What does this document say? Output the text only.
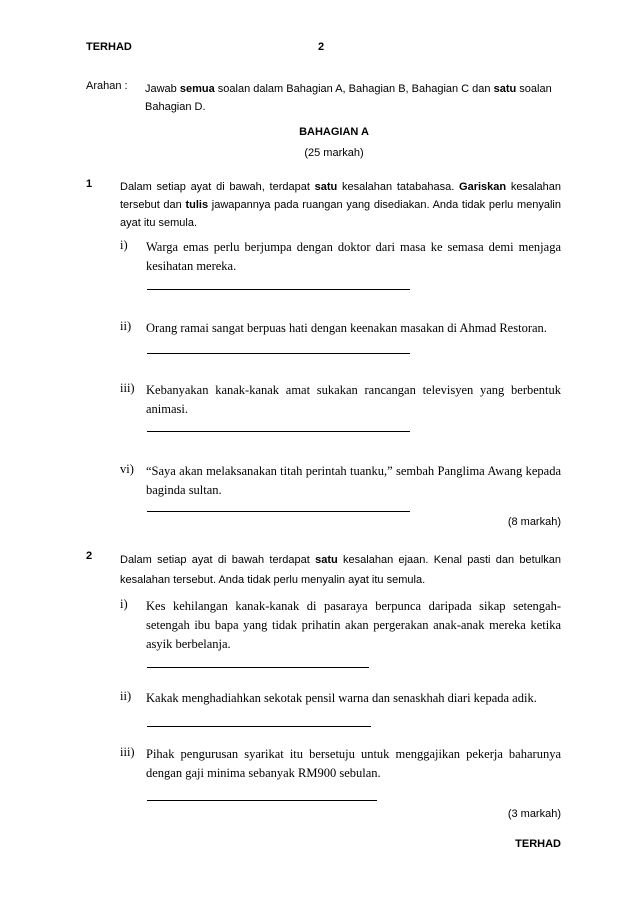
TERHAD	2
Arahan : Jawab semua soalan dalam Bahagian A, Bahagian B, Bahagian C dan satu soalan Bahagian D.
BAHAGIAN A
(25 markah)
1	Dalam setiap ayat di bawah, terdapat satu kesalahan tatabahasa. Gariskan kesalahan tersebut dan tulis jawapannya pada ruangan yang disediakan. Anda tidak perlu menyalin ayat itu semula.
i) Warga emas perlu berjumpa dengan doktor dari masa ke semasa demi menjaga kesihatan mereka.
ii) Orang ramai sangat berpuas hati dengan keenakan masakan di Ahmad Restoran.
iii) Kebanyakan kanak-kanak amat sukakan rancangan televisyen yang berbentuk animasi.
vi) “Saya akan melaksanakan titah perintah tuanku,” sembah Panglima Awang kepada baginda sultan.
(8 markah)
2	Dalam setiap ayat di bawah terdapat satu kesalahan ejaan. Kenal pasti dan betulkan kesalahan tersebut. Anda tidak perlu menyalin ayat itu semula.
i) Kes kehilangan kanak-kanak di pasaraya berpunca daripada sikap setengah-setengah ibu bapa yang tidak prihatin akan pergerakan anak-anak mereka ketika asyik berbelanja.
ii) Kakak menghadiahkan sekotak pensil warna dan senaskhah diari kepada adik.
iii) Pihak pengurusan syarikat itu bersetuju untuk menggajikan pekerja baharunya dengan gaji minima sebanyak RM900 sebulan.
(3 markah)
TERHAD
